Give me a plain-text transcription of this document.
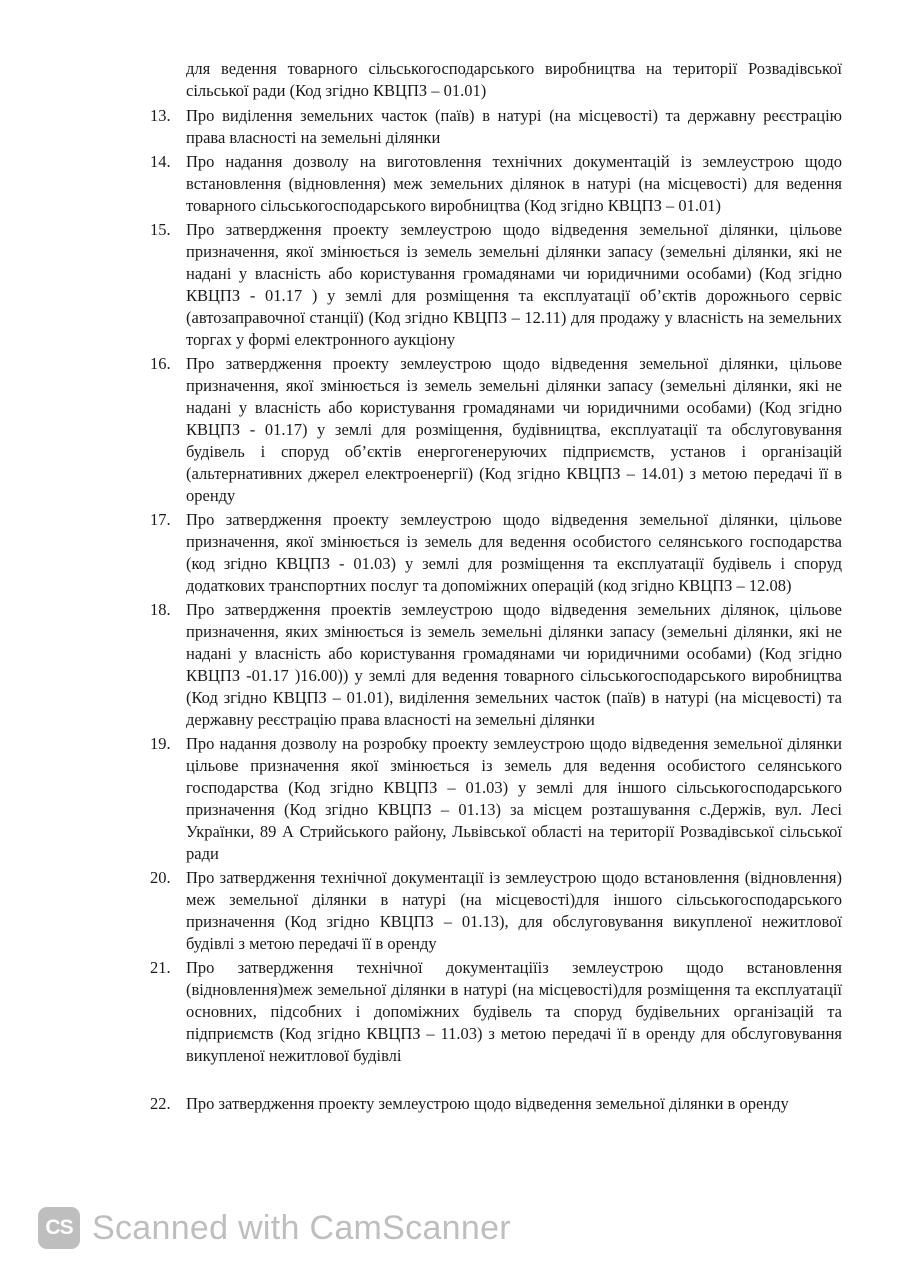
для ведення товарного сільськогосподарського виробництва на території Розвадівської сільської ради (Код згідно КВЦПЗ – 01.01)
13. Про виділення земельних часток (паїв) в натурі (на місцевості) та державну реєстрацію права власності на земельні ділянки
14. Про надання дозволу на виготовлення технічних документацій із землеустрою щодо встановлення (відновлення) меж земельних ділянок в натурі (на місцевості) для ведення товарного сільськогосподарського виробництва (Код згідно КВЦПЗ – 01.01)
15. Про затвердження проекту землеустрою щодо відведення земельної ділянки, цільове призначення, якої змінюється із земель земельні ділянки запасу (земельні ділянки, які не надані у власність або користування громадянами чи юридичними особами) (Код згідно КВЦПЗ - 01.17 ) у землі для розміщення та експлуатації об’єктів дорожнього сервіс (автозаправочної станції) (Код згідно КВЦПЗ – 12.11) для продажу у власність на земельних торгах у формі електронного аукціону
16. Про затвердження проекту землеустрою щодо відведення земельної ділянки, цільове призначення, якої змінюється із земель земельні ділянки запасу (земельні ділянки, які не надані у власність або користування громадянами чи юридичними особами) (Код згідно КВЦПЗ - 01.17) у землі для розміщення, будівництва, експлуатації та обслуговування будівель і споруд об’єктів енергогенеруючих підприємств, установ і організацій (альтернативних джерел електроенергії) (Код згідно КВЦПЗ – 14.01) з метою передачі її в оренду
17. Про затвердження проекту землеустрою щодо відведення земельної ділянки, цільове призначення, якої змінюється із земель для ведення особистого селянського господарства (код згідно КВЦПЗ - 01.03) у землі для розміщення та експлуатації будівель і споруд додаткових транспортних послуг та допоміжних операцій (код згідно КВЦПЗ – 12.08)
18. Про затвердження проектів землеустрою щодо відведення земельних ділянок, цільове призначення, яких змінюється із земель земельні ділянки запасу (земельні ділянки, які не надані у власність або користування громадянами чи юридичними особами) (Код згідно КВЦПЗ -01.17 )16.00)) у землі для ведення товарного сільськогосподарського виробництва (Код згідно КВЦПЗ – 01.01), виділення земельних часток (паїв) в натурі (на місцевості) та державну реєстрацію права власності на земельні ділянки
19. Про надання дозволу на розробку проекту землеустрою щодо відведення земельної ділянки цільове призначення якої змінюється із земель для ведення особистого селянського господарства (Код згідно КВЦПЗ – 01.03) у землі для іншого сільськогосподарського призначення (Код згідно КВЦПЗ – 01.13) за місцем розташування с.Держів, вул. Лесі Українки, 89 А Стрийського району, Львівської області на території Розвадівської сільської ради
20. Про затвердження технічної документації із землеустрою щодо встановлення (відновлення) меж земельної ділянки в натурі (на місцевості)для іншого сільськогосподарського призначення (Код згідно КВЦПЗ – 01.13), для обслуговування викупленої нежитлової будівлі з метою передачі її в оренду
21. Про затвердження технічної документаціїіз землеустрою щодо встановлення (відновлення)меж земельної ділянки в натурі (на місцевості)для розміщення та експлуатації основних, підсобних і допоміжних будівель та споруд будівельних організацій та підприємств (Код згідно КВЦПЗ – 11.03) з метою передачі її в оренду для обслуговування викупленої нежитлової будівлі
22. Про затвердження проекту землеустрою щодо відведення земельної ділянки в оренду
CS Scanned with CamScanner
